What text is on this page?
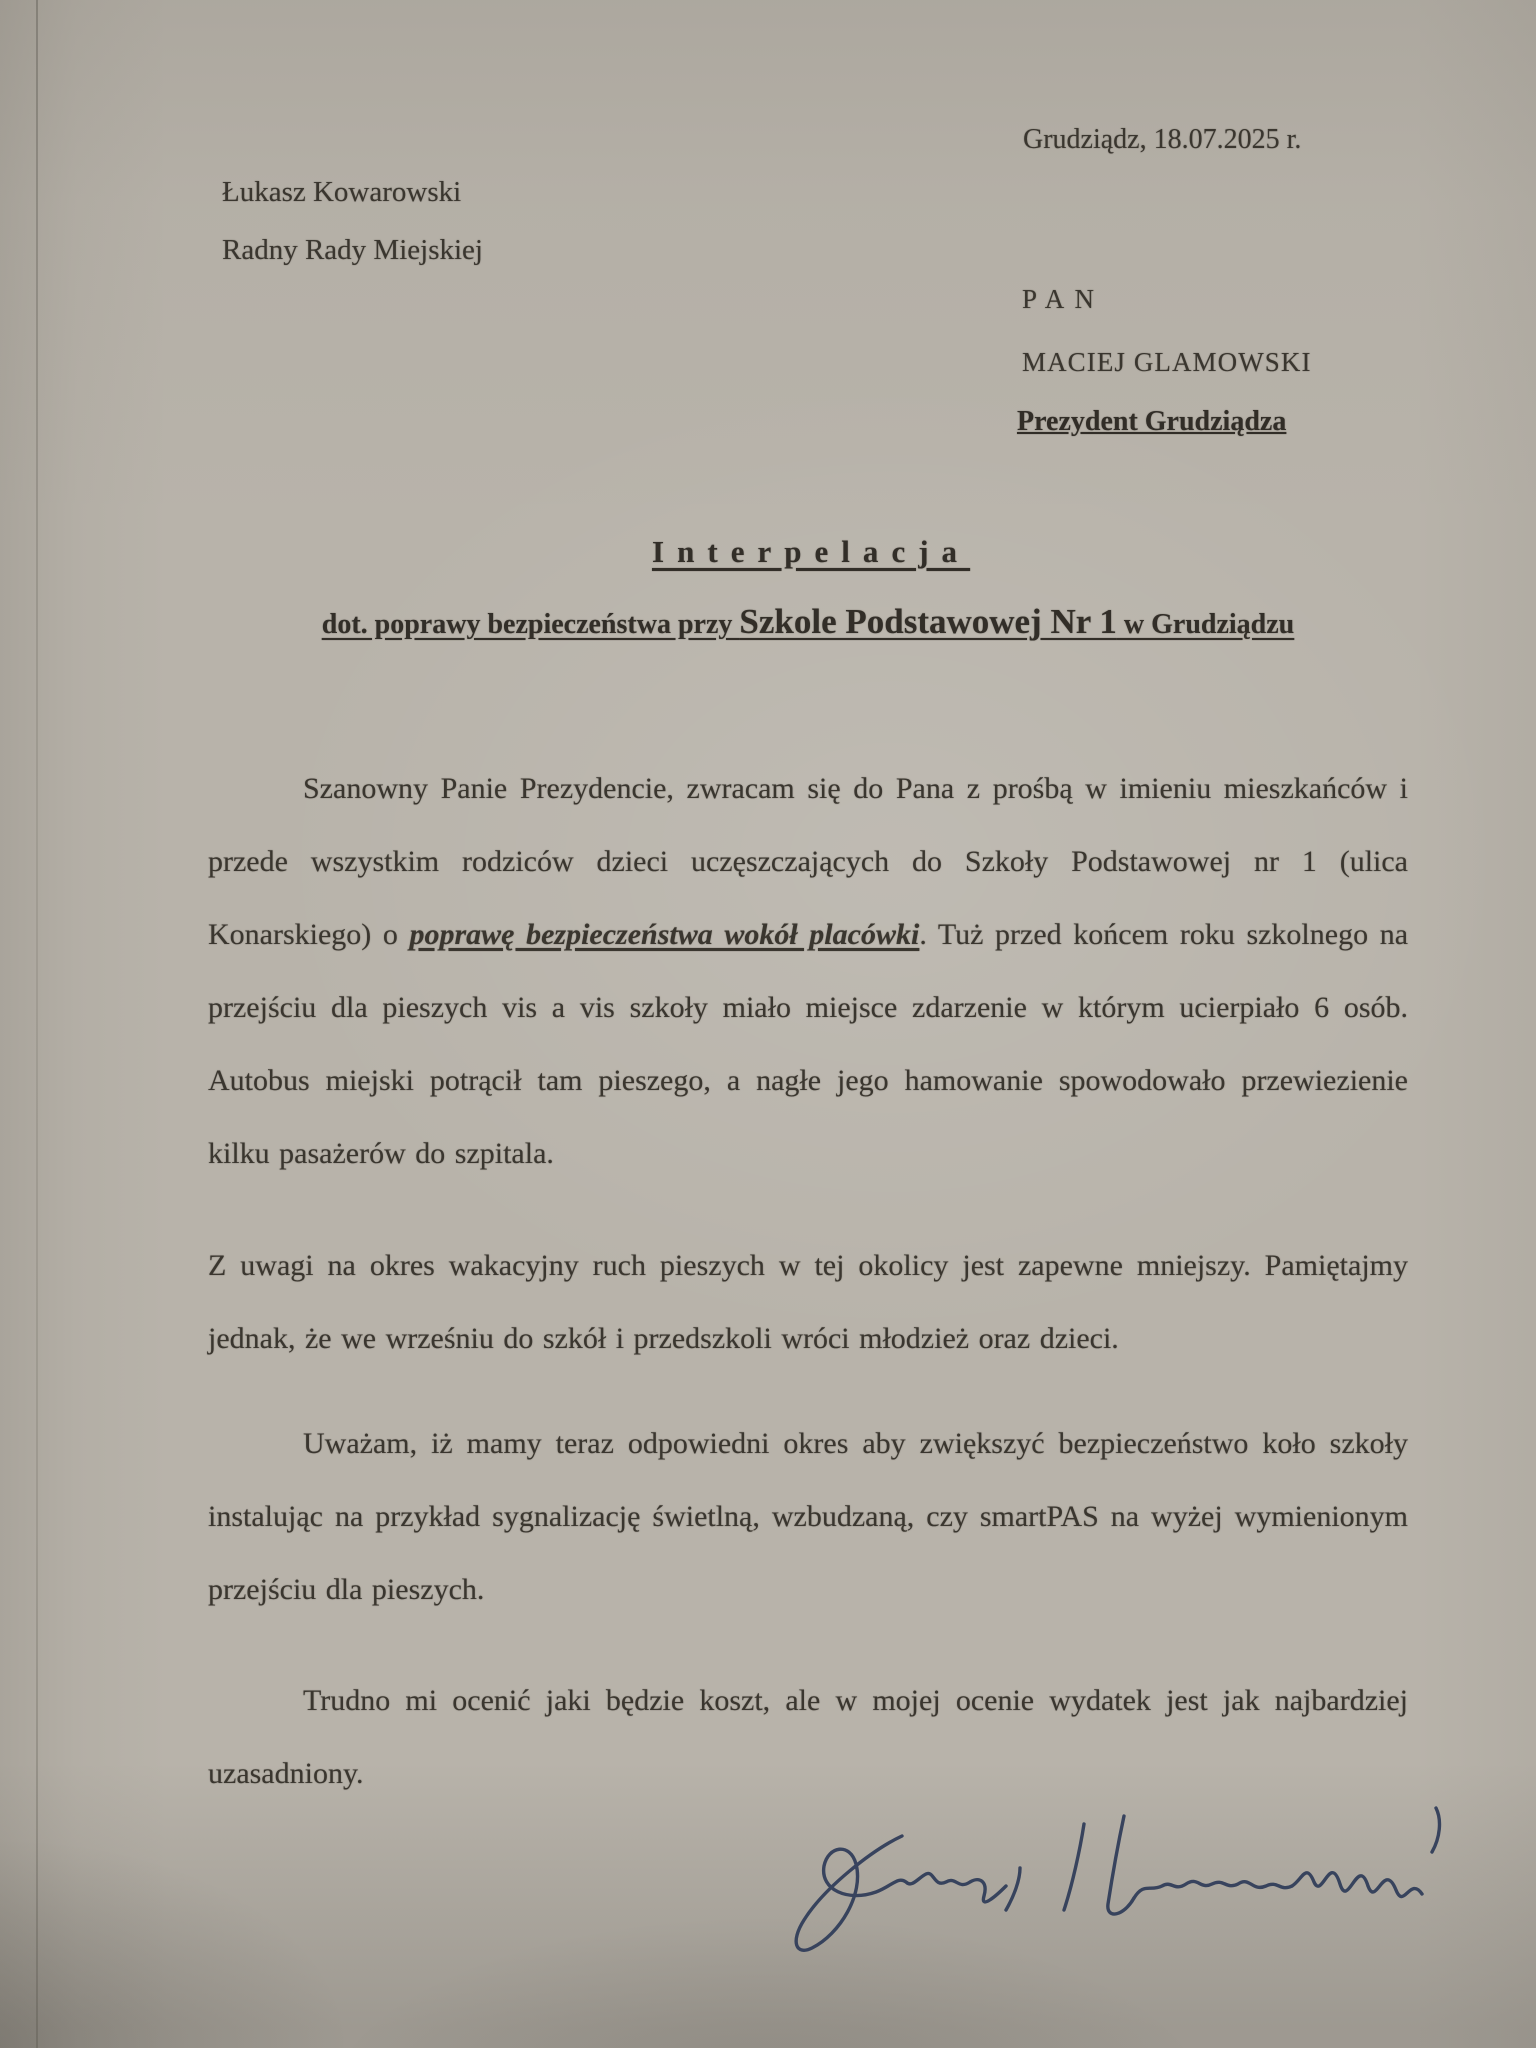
Grudziądz, 18.07.2025 r.
Łukasz Kowarowski
Radny Rady Miejskiej
PAN
MACIEJ GLAMOWSKI
Prezydent Grudziądza
Interpelacja
dot. poprawy bezpieczeństwa przy Szkole Podstawowej Nr 1 w Grudziądzu
Szanowny Panie Prezydencie, zwracam się do Pana z prośbą w imieniu mieszkańców i przede wszystkim rodziców dzieci uczęszczających do Szkoły Podstawowej nr 1 (ulica Konarskiego) o poprawę bezpieczeństwa wokół placówki. Tuż przed końcem roku szkolnego na przejściu dla pieszych vis a vis szkoły miało miejsce zdarzenie w którym ucierpiało 6 osób. Autobus miejski potrącił tam pieszego, a nagłe jego hamowanie spowodowało przewiezienie kilku pasażerów do szpitala.
Z uwagi na okres wakacyjny ruch pieszych w tej okolicy jest zapewne mniejszy. Pamiętajmy jednak, że we wrześniu do szkół i przedszkoli wróci młodzież oraz dzieci.
Uważam, iż mamy teraz odpowiedni okres aby zwiększyć bezpieczeństwo koło szkoły instalując na przykład sygnalizację świetlną, wzbudzaną, czy smartPAS na wyżej wymienionym przejściu dla pieszych.
Trudno mi ocenić jaki będzie koszt, ale w mojej ocenie wydatek jest jak najbardziej uzasadniony.
